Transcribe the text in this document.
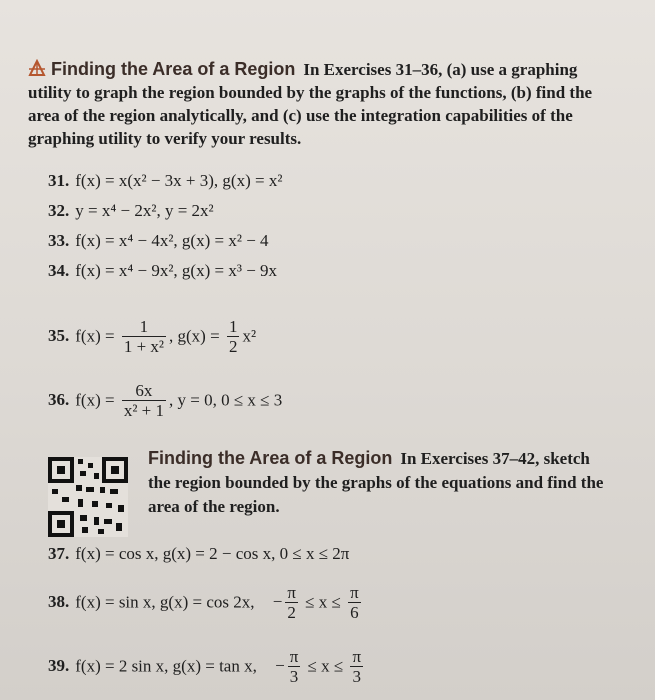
Finding the Area of a Region In Exercises 31–36, (a) use a graphing utility to graph the region bounded by the graphs of the functions, (b) find the area of the region analytically, and (c) use the integration capabilities of the graphing utility to verify your results.
31. f(x) = x(x² − 3x + 3), g(x) = x²
32. y = x⁴ − 2x², y = 2x²
33. f(x) = x⁴ − 4x², g(x) = x² − 4
34. f(x) = x⁴ − 9x², g(x) = x³ − 9x
35. $f(x) = \frac{1}{\text{1 + x²}}$ , $g(x) = \frac{1}{2} x^2$
36. $f(x) = \frac{6x}{\text{x² + 1}}$ , y = 0, 0 ≤ x ≤ 3
Finding the Area of a Region In Exercises 37–42, sketch the region bounded by the graphs of the equations and find the area of the region.
37. f(x) = cos x, g(x) = 2 − cos x, 0 ≤ x ≤ 2π
38. f(x) = sin x, g(x) = cos 2x, − $\frac{\pi}{2} \le x \le \frac{\pi}{6}$
39. f(x) = 2 sin x, g(x) = tan x, − $\frac{\pi}{3} \le x \le \frac{\pi}{3}$
